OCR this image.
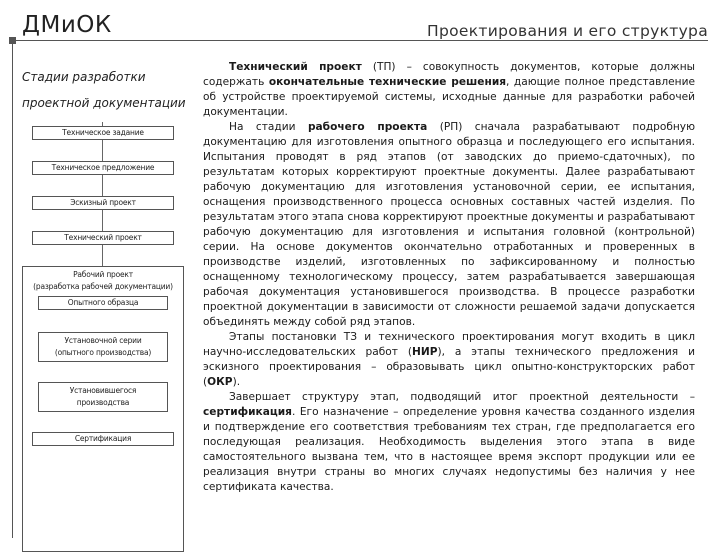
ДМиОК	Проектирования и его структура
Стадии разработки
проектной документации
Техническое задание
Техническое предложение
Эскизный проект
Технический проект
Рабочий проект
(разработка рабочей документации)
Опытного образца
Установочной серии
(опытного производства)
Установившегося
производства
Сертификация

Технический проект (ТП) – совокупность документов, которые должны содержать окончательные технические решения, дающие полное представление об устройстве проектируемой системы, исходные данные для разработки рабочей документации.

На стадии рабочего проекта (РП) сначала разрабатывают подробную документацию для изготовления опытного образца и последующего его испытания. Испытания проводят в ряд этапов (от заводских до приемо-сдаточных), по результатам которых корректируют проектные документы. Далее разрабатывают рабочую документацию для изготовления установочной серии, ее испытания, оснащения производственного процесса основных составных частей изделия. По результатам этого этапа снова корректируют проектные документы и разрабатывают рабочую документацию для изготовления и испытания головной (контрольной) серии. На основе документов окончательно отработанных и проверенных в производстве изделий, изготовленных по зафиксированному и полностью оснащенному технологическому процессу, затем разрабатывается завершающая рабочая документация установившегося производства. В процессе разработки проектной документации в зависимости от сложности решаемой задачи допускается объединять между собой ряд этапов.

Этапы постановки ТЗ и технического проектирования могут входить в цикл научно-исследовательских работ (НИР), а этапы технического предложения и эскизного проектирования – образовывать цикл опытно-конструкторских работ (ОКР).

Завершает структуру этап, подводящий итог проектной деятельности – сертификация. Его назначение – определение уровня качества созданного изделия и подтверждение его соответствия требованиям тех стран, где предполагается его последующая реализация. Необходимость выделения этого этапа в виде самостоятельного вызвана тем, что в настоящее время экспорт продукции или ее реализация внутри страны во многих случаях недопустимы без наличия у нее сертификата качества.
